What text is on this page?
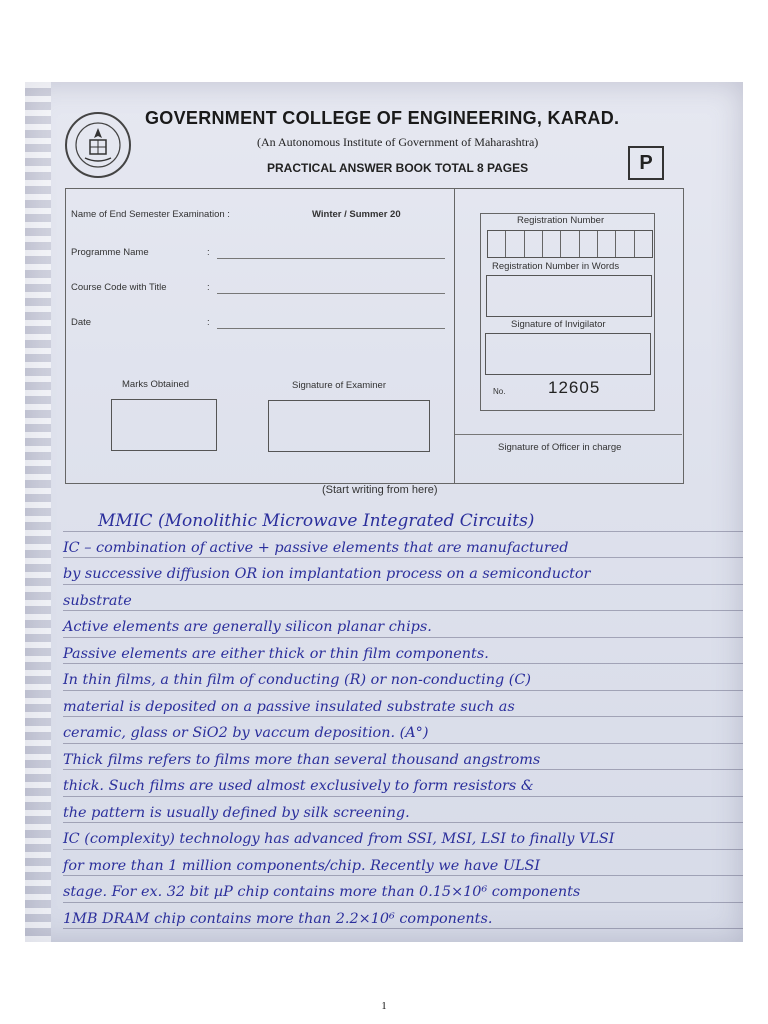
GOVERNMENT COLLEGE OF ENGINEERING, KARAD.
(An Autonomous Institute of Government of Maharashtra)
PRACTICAL ANSWER BOOK TOTAL 8 PAGES	P
Name of End Semester Examination :	Winter / Summer 20
Programme Name	:
Course Code with Title	:
Date	:
Marks Obtained	Signature of Examiner
Registration Number
Registration Number in Words
Signature of Invigilator
No.	12605
Signature of Officer in charge
(Start writing from here)
MMIC (Monolithic Microwave Integrated Circuits)
IC – combination of active + passive elements that are manufactured
by successive diffusion OR ion implantation process on a semiconductor
substrate
Active elements are generally silicon planar chips.
Passive elements are either thick or thin film components.
In thin films, a thin film of conducting (R) or non-conducting (C)
material is deposited on a passive insulated substrate such as
ceramic, glass or SiO2 by vaccum deposition. (A°)
Thick films refers to films more than several thousand angstroms
thick. Such films are used almost exclusively to form resistors &
the pattern is usually defined by silk screening.
IC (complexity) technology has advanced from SSI, MSI, LSI to finally VLSI
for more than 1 million components/chip. Recently we have ULSI
stage. For ex. 32 bit µP chip contains more than 0.15×10⁶ components
1MB DRAM chip contains more than 2.2×10⁶ components.
1
